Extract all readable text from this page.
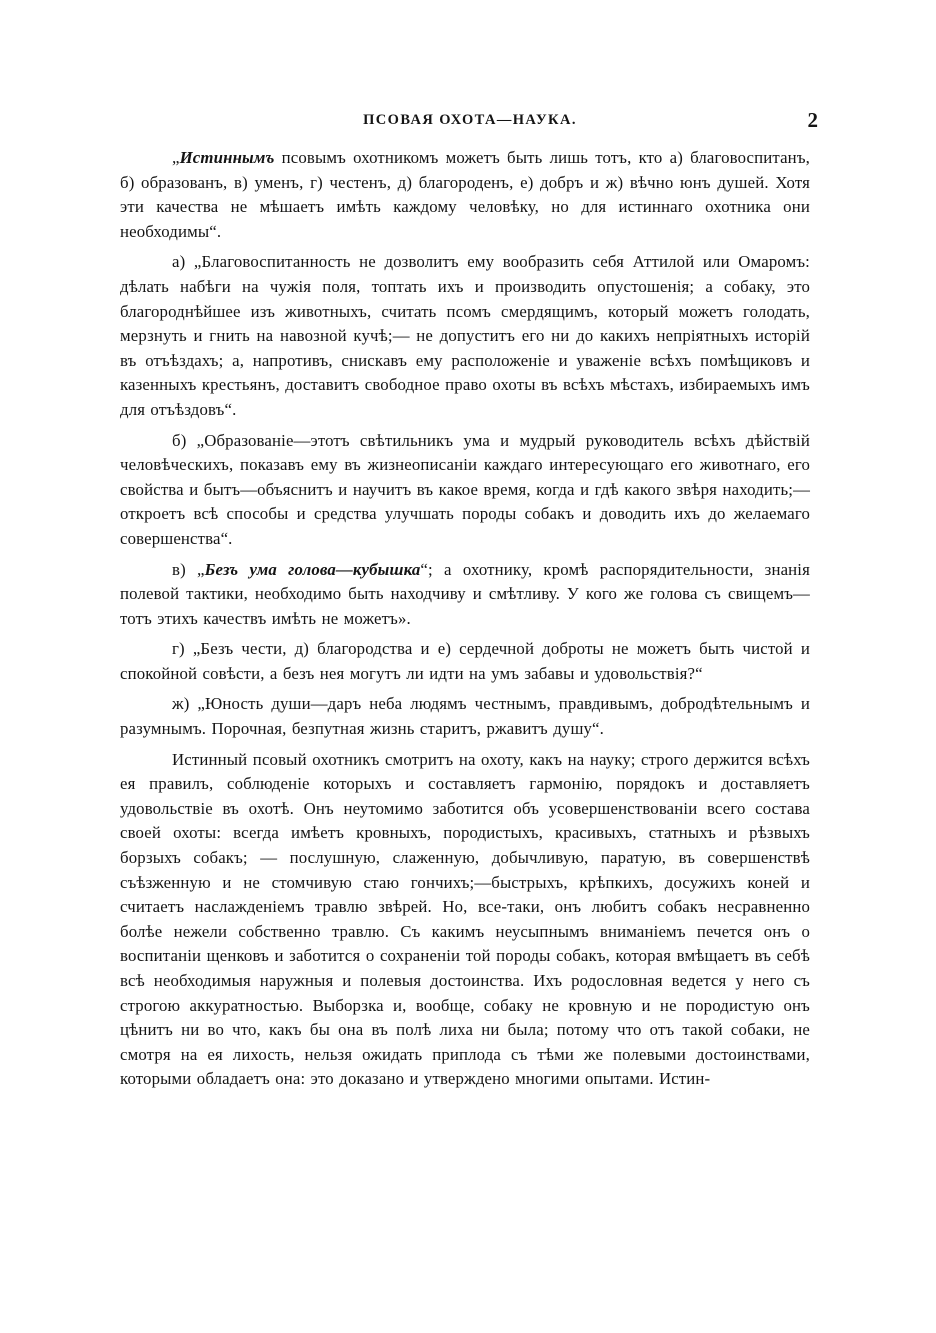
ПСОВАЯ ОХОТА—НАУКА.	2

„Истиннымъ псовымъ охотникомъ можетъ быть лишь тотъ, кто а) благовоспитанъ, б) образованъ, в) уменъ, г) честенъ, д) благороденъ, е) добръ и ж) вѣчно юнъ душей. Хотя эти качества не мѣшаетъ имѣть каждому человѣку, но для истиннаго охотника они необходимы“.

а) „Благовоспитанность не дозволитъ ему вообразить себя Аттилой или Омаромъ: дѣлать набѣги на чужія поля, топтать ихъ и производить опустошенія; а собаку, это благороднѣйшее изъ животныхъ, считать псомъ смердящимъ, который можетъ голодать, мерзнуть и гнить на навозной кучѣ;— не допуститъ его ни до какихъ непріятныхъ исторій въ отъѣздахъ; а, напротивъ, снискавъ ему расположеніе и уваженіе всѣхъ помѣщиковъ и казенныхъ крестьянъ, доставитъ свободное право охоты въ всѣхъ мѣстахъ, избираемыхъ имъ для отъѣздовъ“.

б) „Образованіе—этотъ свѣтильникъ ума и мудрый руководитель всѣхъ дѣйствій человѣческихъ, показавъ ему въ жизнеописаніи каждаго интересующаго его животнаго, его свойства и бытъ—объяснитъ и научитъ въ какое время, когда и гдѣ какого звѣря находить;—откроетъ всѣ способы и средства улучшать породы собакъ и доводить ихъ до желаемаго совершенства“.

в) „Безъ ума голова—кубышка“; а охотнику, кромѣ распорядительности, знанія полевой тактики, необходимо быть находчиву и смѣтливу. У кого же голова съ свищемъ—тотъ этихъ качествъ имѣть не можетъ».

г) „Безъ чести, д) благородства и е) сердечной доброты не можетъ быть чистой и спокойной совѣсти, а безъ нея могутъ ли идти на умъ забавы и удовольствія?“

ж) „Юность души—даръ неба людямъ честнымъ, правдивымъ, добродѣтельнымъ и разумнымъ. Порочная, безпутная жизнь старитъ, ржавитъ душу“.

Истинный псовый охотникъ смотритъ на охоту, какъ на науку; строго держится всѣхъ ея правилъ, соблюденіе которыхъ и составляетъ гармонію, порядокъ и доставляетъ удовольствіе въ охотѣ. Онъ неутомимо заботится объ усовершенствованіи всего состава своей охоты: всегда имѣетъ кровныхъ, породистыхъ, красивыхъ, статныхъ и рѣзвыхъ борзыхъ собакъ; — послушную, слаженную, добычливую, паратую, въ совершенствѣ съѣзженную и не стомчивую стаю гончихъ;—быстрыхъ, крѣпкихъ, досужихъ коней и считаетъ наслажденіемъ травлю звѣрей. Но, все-таки, онъ любитъ собакъ несравненно болѣе нежели собственно травлю. Съ какимъ неусыпнымъ вниманіемъ печется онъ о воспитаніи щенковъ и заботится о сохраненіи той породы собакъ, которая вмѣщаетъ въ себѣ всѣ необходимыя наружныя и полевыя достоинства. Ихъ родословная ведется у него съ строгою аккуратностью. Выборзка и, вообще, собаку не кровную и не породистую онъ цѣнитъ ни во что, какъ бы она въ полѣ лиха ни была; потому что отъ такой собаки, не смотря на ея лихость, нельзя ожидать приплода съ тѣми же полевыми достоинствами, которыми обладаетъ она: это доказано и утверждено многими опытами. Истин-
